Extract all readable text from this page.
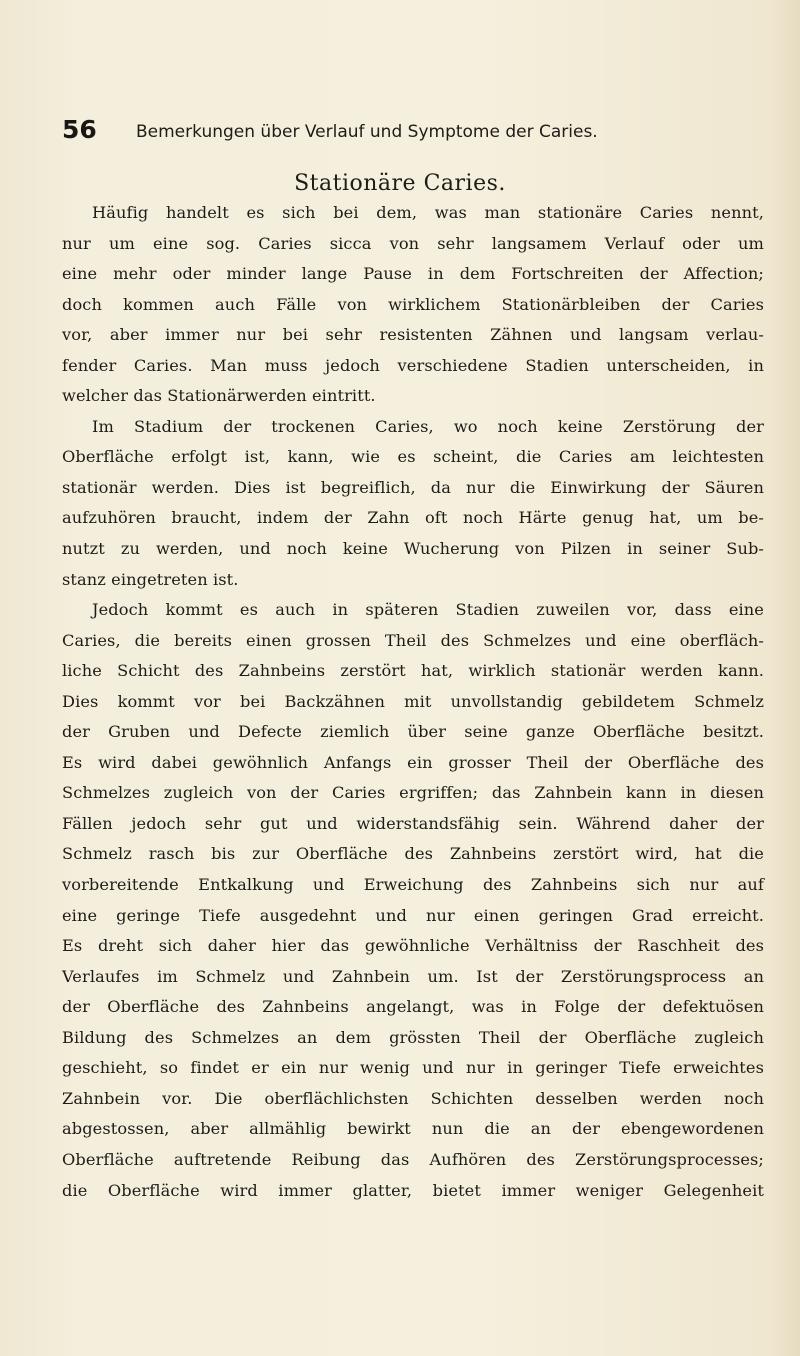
56 Bemerkungen über Verlauf und Symptome der Caries.
Stationäre Caries.
Häufig handelt es sich bei dem, was man stationäre Caries nennt,
nur um eine sog. Caries sicca von sehr langsamem Verlauf oder um
eine mehr oder minder lange Pause in dem Fortschreiten der Affection;
doch kommen auch Fälle von wirklichem Stationärbleiben der Caries
vor, aber immer nur bei sehr resistenten Zähnen und langsam verlau-
fender Caries. Man muss jedoch verschiedene Stadien unterscheiden, in
welcher das Stationärwerden eintritt.
Im Stadium der trockenen Caries, wo noch keine Zerstörung der
Oberfläche erfolgt ist, kann, wie es scheint, die Caries am leichtesten
stationär werden. Dies ist begreiflich, da nur die Einwirkung der Säuren
aufzuhören braucht, indem der Zahn oft noch Härte genug hat, um be-
nutzt zu werden, und noch keine Wucherung von Pilzen in seiner Sub-
stanz eingetreten ist.
Jedoch kommt es auch in späteren Stadien zuweilen vor, dass eine
Caries, die bereits einen grossen Theil des Schmelzes und eine oberfläch-
liche Schicht des Zahnbeins zerstört hat, wirklich stationär werden kann.
Dies kommt vor bei Backzähnen mit unvollstandig gebildetem Schmelz
der Gruben und Defecte ziemlich über seine ganze Oberfläche besitzt.
Es wird dabei gewöhnlich Anfangs ein grosser Theil der Oberfläche des
Schmelzes zugleich von der Caries ergriffen; das Zahnbein kann in diesen
Fällen jedoch sehr gut und widerstandsfähig sein. Während daher der
Schmelz rasch bis zur Oberfläche des Zahnbeins zerstört wird, hat die
vorbereitende Entkalkung und Erweichung des Zahnbeins sich nur auf
eine geringe Tiefe ausgedehnt und nur einen geringen Grad erreicht.
Es dreht sich daher hier das gewöhnliche Verhältniss der Raschheit des
Verlaufes im Schmelz und Zahnbein um. Ist der Zerstörungsprocess an
der Oberfläche des Zahnbeins angelangt, was in Folge der defektuösen
Bildung des Schmelzes an dem grössten Theil der Oberfläche zugleich
geschieht, so findet er ein nur wenig und nur in geringer Tiefe erweichtes
Zahnbein vor. Die oberflächlichsten Schichten desselben werden noch
abgestossen, aber allmählig bewirkt nun die an der ebengewordenen
Oberfläche auftretende Reibung das Aufhören des Zerstörungsprocesses;
die Oberfläche wird immer glatter, bietet immer weniger Gelegenheit
